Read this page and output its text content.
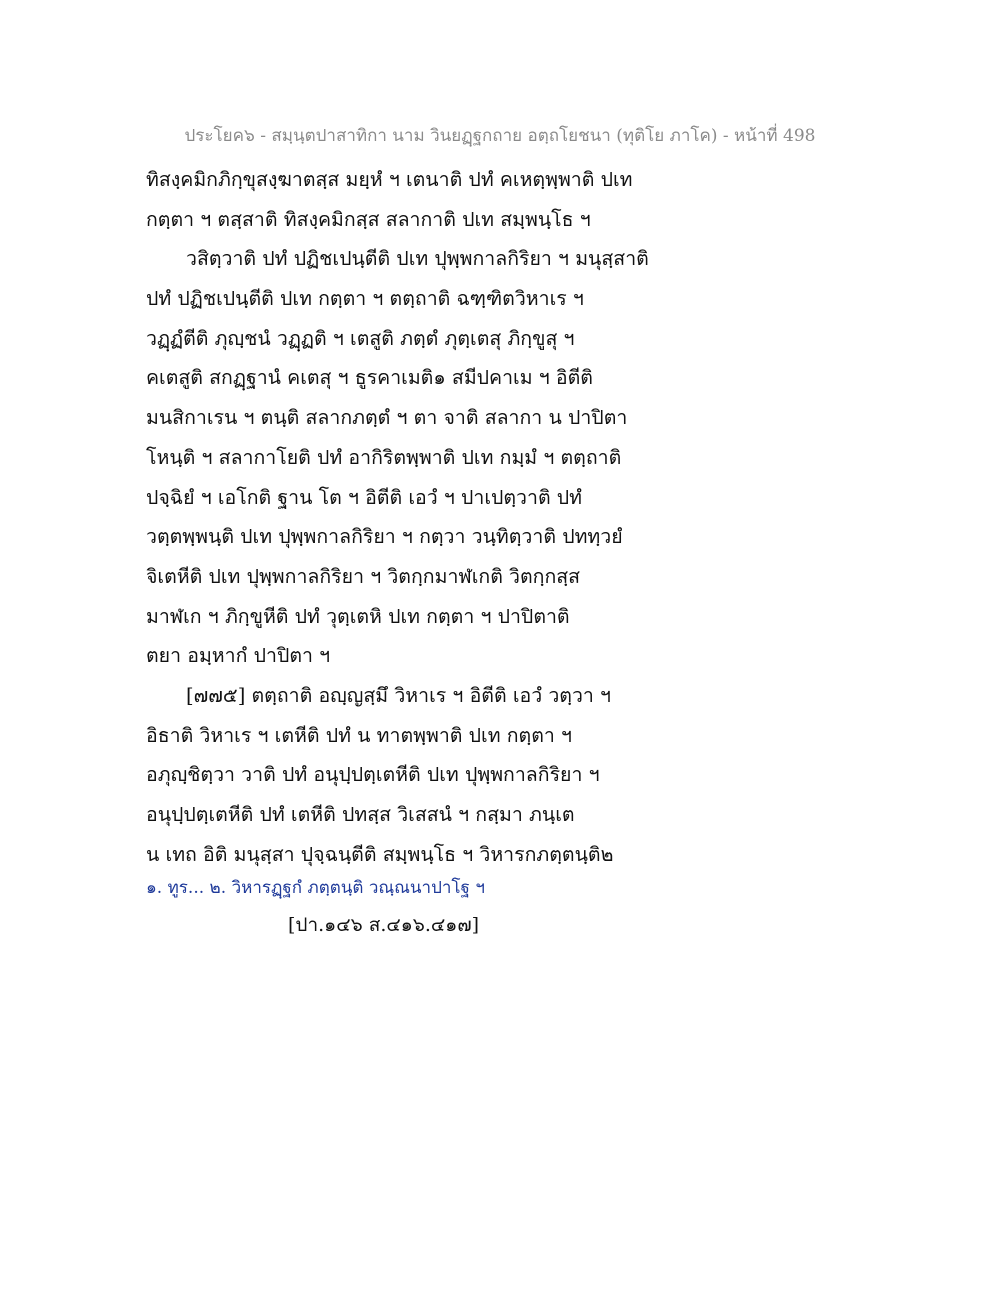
ประโยค๖ - สมฺนฺตปาสาทิกา นาม วินยฏฺฐกถาย อตฺถโยชนา (ทุติโย ภาโค) - หน้าที่ 498
ทิสงฺคมิกภิกฺขุสงฺฆาตสฺส มยฺหํ ฯ เตนาติ ปทํ คเหตฺพฺพาติ ปเท
กตฺตา ฯ ตสฺสาติ ทิสงฺคมิกสฺส สลากาติ ปเท สมฺพนฺโธ ฯ
วสิตฺวาติ ปทํ ปฏิชเปนฺตีติ ปเท ปุพฺพกาลกิริยา ฯ มนุสฺสาติ
ปทํ ปฏิชเปนฺตีติ ปเท กตฺตา ฯ ตตฺถาติ ฉฑฺฑิตวิหาเร ฯ
วฏฺฏํตีติ ภุญฺชนํ วฏฺฏติ ฯ เตสูติ ภตฺตํ ภุตฺเตสุ ภิกฺขูสุ ฯ
คเตสูติ สกฏฺฐานํ คเตสุ ฯ ธูรคาเมติ๑ สมีปคาเม ฯ อิตีติ
มนสิกาเรน ฯ ตนฺติ สลากภตฺตํ ฯ ตา จาติ สลากา น ปาปิตา
โหนฺติ ฯ สลากาโยติ ปทํ อากิริตพฺพาติ ปเท กมฺมํ ฯ ตตฺถาติ
ปจฺฉิยํ ฯ เอโกติ ฐาน โต ฯ อิตีติ เอวํ ฯ ปาเปตฺวาติ ปทํ
วตฺตพฺพนฺติ ปเท ปุพฺพกาลกิริยา ฯ กตฺวา วนฺทิตฺวาติ ปททฺวยํ
จิเตหีติ ปเท ปุพฺพกาลกิริยา ฯ วิตกฺกมาฬเกติ วิตกฺกสฺส
มาฬเก ฯ ภิกฺขูหีติ ปทํ วุตฺเตหิ ปเท กตฺตา ฯ ปาปิตาติ
ตยา อมฺหากํ ปาปิตา ฯ
[๗๗๕] ตตฺถาติ อญฺญสฺมึ วิหาเร ฯ อิตีติ เอวํ วตฺวา ฯ
อิธาติ วิหาเร ฯ เตหีติ ปทํ น ทาตพฺพาติ ปเท กตฺตา ฯ
อภุญฺชิตฺวา วาติ ปทํ อนุปฺปตฺเตหีติ ปเท ปุพฺพกาลกิริยา ฯ
อนุปฺปตฺเตหีติ ปทํ เตหีติ ปทสฺส วิเสสนํ ฯ กสฺมา ภนฺเต
น เทถ อิติ มนุสฺสา ปุจฺฉนฺตีติ สมฺพนฺโธ ฯ วิหารกภตฺตนฺติ๒
๑. ทูร... ๒. วิหารฏฺฐกํ ภตฺตนฺติ วณฺณนาปาโฐ ฯ
[ปา.๑๔๖ ส.๔๑๖.๔๑๗]
